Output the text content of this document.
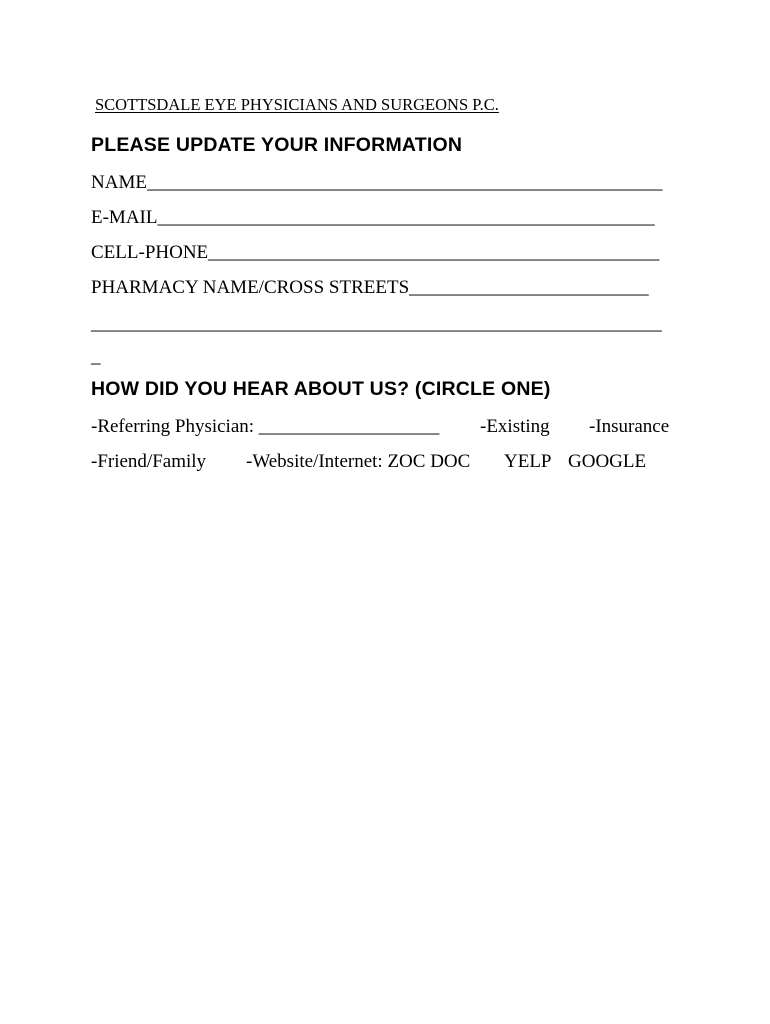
SCOTTSDALE EYE PHYSICIANS AND SURGEONS P.C.
PLEASE UPDATE YOUR INFORMATION
NAME________________________________________________________
E-MAIL______________________________________________________
CELL-PHONE_________________________________________________
PHARMACY NAME/CROSS STREETS__________________________
______________________________________________________________
_
HOW DID YOU HEAR ABOUT US? (CIRCLE ONE)
-Referring Physician: ___________________ -Existing -Insurance
-Friend/Family -Website/Internet: ZOC DOC YELP GOOGLE
